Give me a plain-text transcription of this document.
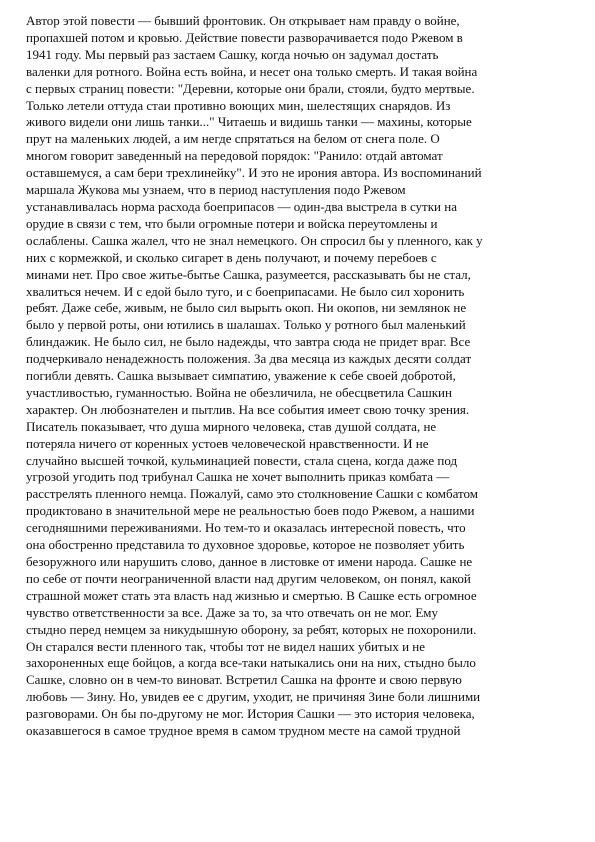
Автор этой повести — бывший фронтовик. Он открывает нам правду о войне,
пропахшей потом и кровью. Действие повести разворачивается подо Ржевом в
1941 году. Мы первый раз застаем Сашку, когда ночью он задумал достать
валенки для ротного. Война есть война, и несет она только смерть. И такая война
с первых страниц повести: "Деревни, которые они брали, стояли, будто мертвые.
Только летели оттуда стаи противно воющих мин, шелестящих снарядов. Из
живого видели они лишь танки..." Читаешь и видишь танки — махины, которые
прут на маленьких людей, а им негде спрятаться на белом от снега поле. О
многом говорит заведенный на передовой порядок: "Ранило: отдай автомат
оставшемуся, а сам бери трехлинейку". И это не ирония автора. Из воспоминаний
маршала Жукова мы узнаем, что в период наступления подо Ржевом
устанавливалась норма расхода боеприпасов — один-два выстрела в сутки на
орудие в связи с тем, что были огромные потери и войска переутомлены и
ослаблены. Сашка жалел, что не знал немецкого. Он спросил бы у пленного, как у
них с кормежкой, и сколько сигарет в день получают, и почему перебоев с
минами нет. Про свое житье-бытье Сашка, разумеется, рассказывать бы не стал,
хвалиться нечем. И с едой было туго, и с боеприпасами. Не было сил хоронить
ребят. Даже себе, живым, не было сил вырыть окоп. Ни окопов, ни землянок не
было у первой роты, они ютились в шалашах. Только у ротного был маленький
блиндажик. Не было сил, не было надежды, что завтра сюда не придет враг. Все
подчеркивало ненадежность положения. За два месяца из каждых десяти солдат
погибли девять. Сашка вызывает симпатию, уважение к себе своей добротой,
участливостью, гуманностью. Война не обезличила, не обесцветила Сашкин
характер. Он любознателен и пытлив. На все события имеет свою точку зрения.
Писатель показывает, что душа мирного человека, став душой солдата, не
потеряла ничего от коренных устоев человеческой нравственности. И не
случайно высшей точкой, кульминацией повести, стала сцена, когда даже под
угрозой угодить под трибунал Сашка не хочет выполнить приказ комбата —
расстрелять пленного немца. Пожалуй, само это столкновение Сашки с комбатом
продиктовано в значительной мере не реальностью боев подо Ржевом, а нашими
сегодняшними переживаниями. Но тем-то и оказалась интересной повесть, что
она обостренно представила то духовное здоровье, которое не позволяет убить
безоружного или нарушить слово, данное в листовке от имени народа. Сашке не
по себе от почти неограниченной власти над другим человеком, он понял, какой
страшной может стать эта власть над жизнью и смертью. В Сашке есть огромное
чувство ответственности за все. Даже за то, за что отвечать он не мог. Ему
стыдно перед немцем за никудышную оборону, за ребят, которых не похоронили.
Он старался вести пленного так, чтобы тот не видел наших убитых и не
захороненных еще бойцов, а когда все-таки натыкались они на них, стыдно было
Сашке, словно он в чем-то виноват. Встретил Сашка на фронте и свою первую
любовь — Зину. Но, увидев ее с другим, уходит, не причиняя Зине боли лишними
разговорами. Он бы по-другому не мог. История Сашки — это история человека,
оказавшегося в самое трудное время в самом трудном месте на самой трудной
